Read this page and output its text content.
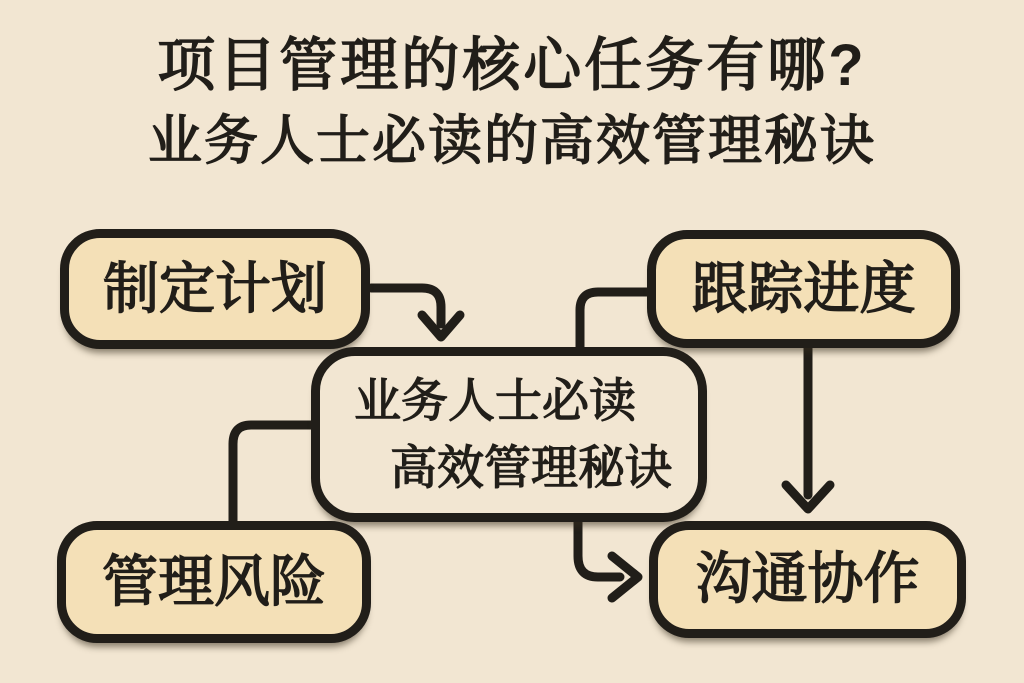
项目管理的核心任务有哪?
业务人士必读的高效管理秘诀
制定计划	跟踪进度
业务人士必读
高效管理秘诀
管理风险	沟通协作
